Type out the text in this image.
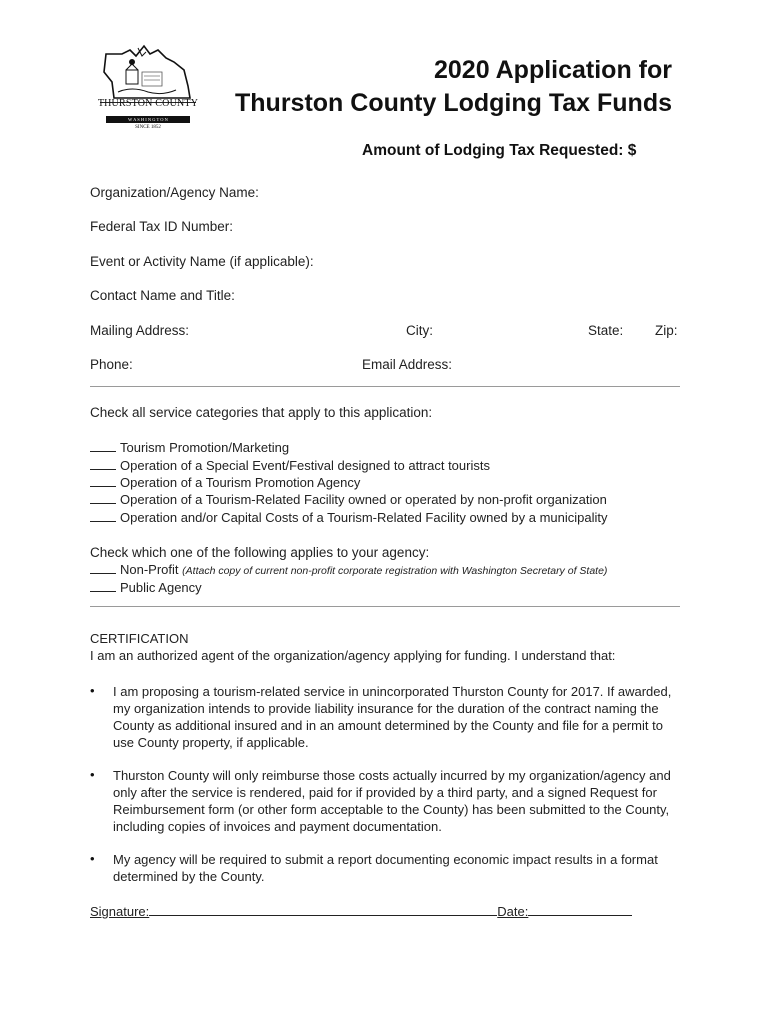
THURSTON COUNTY
W A S H I N G T O N
SINCE 1852
2020 Application for
Thurston County Lodging Tax Funds
Amount of Lodging Tax Requested: $
Organization/Agency Name:
Federal Tax ID Number:
Event or Activity Name (if applicable):
Contact Name and Title:
Mailing Address:	City:	State: Zip:
Phone:	Email Address:
Check all service categories that apply to this application:
Tourism Promotion/Marketing
Operation of a Special Event/Festival designed to attract tourists
Operation of a Tourism Promotion Agency
Operation of a Tourism-Related Facility owned or operated by non-profit organization
Operation and/or Capital Costs of a Tourism-Related Facility owned by a municipality
Check which one of the following applies to your agency:
Non-Profit (Attach copy of current non-profit corporate registration with Washington Secretary of State)
Public Agency
CERTIFICATION
I am an authorized agent of the organization/agency applying for funding. I understand that:
• I am proposing a tourism-related service in unincorporated Thurston County for 2017. If awarded,
my organization intends to provide liability insurance for the duration of the contract naming the
County as additional insured and in an amount determined by the County and file for a permit to
use County property, if applicable.
• Thurston County will only reimburse those costs actually incurred by my organization/agency and
only after the service is rendered, paid for if provided by a third party, and a signed Request for
Reimbursement form (or other form acceptable to the County) has been submitted to the County,
including copies of invoices and payment documentation.
• My agency will be required to submit a report documenting economic impact results in a format
determined by the County.
Signature:	Date:
